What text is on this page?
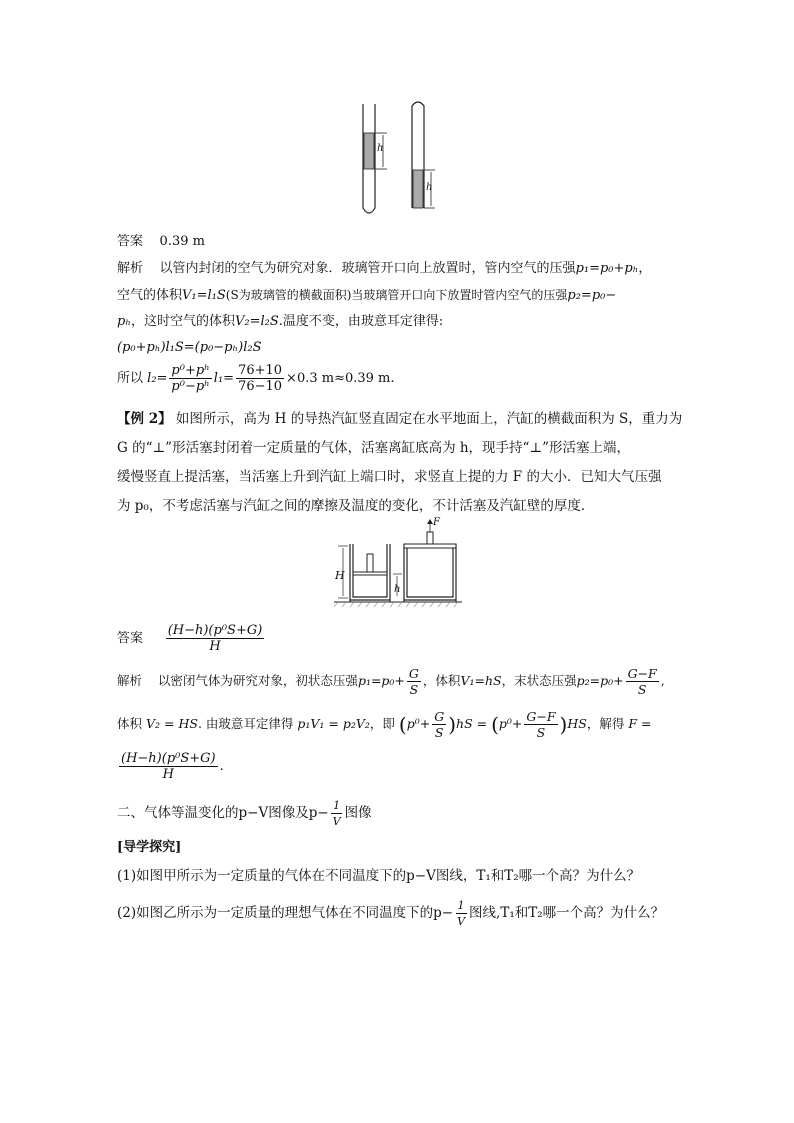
h
h
答案 0.39 m
解析 以管内封闭的空气为研究对象．玻璃管开口向上放置时，管内空气的压强p₁=p₀+pₕ，
空气的体积V₁=l₁S(S为玻璃管的横截面积)当玻璃管开口向下放置时管内空气的压强p₂=p₀−
pₕ，这时空气的体积V₂=l₂S.温度不变，由玻意耳定律得:
(p₀+pₕ)l₁S=(p₀−pₕ)l₂S
所以 $l_2= \frac{\text{p⁰+pʰ}}{\text{p⁰−pʰ}} l_1= \frac{76+10}{76-10} \times 0.3$ m≈0.39 m.
【例 2】 如图所示，高为 H 的导热汽缸竖直固定在水平地面上，汽缸的横截面积为 S，重力为
G 的“⊥”形活塞封闭着一定质量的气体，活塞离缸底高为 h，现手持“⊥”形活塞上端，
缓慢竖直上提活塞，当活塞上升到汽缸上端口时，求竖直上提的力 F 的大小．已知大气压强
为 p₀，不考虑活塞与汽缸之间的摩擦及温度的变化，不计活塞及汽缸壁的厚度．
H
h
F
答案 $\frac{\text{(H−h)(p⁰S+G)}}{H}$
解析 以密闭气体为研究对象，初状态压强$p_1=p_0+ \frac{G}{S}$ ，体积V₁=hS，末状态压强$p_2=p_0+ \frac{G-F}{S}$ ,
体积 V₂ = HS. 由玻意耳定律得 p₁V₁ = p₂V₂，即 $(p^0+ \frac{G}{S} )hS = (p^0+ \frac{G-F}{S} )HS$，解得 F =
$\frac{\text{(H−h)(p⁰S+G)}}{H}$ .
二、气体等温变化的p−V图像及$p- \frac{1}{V}$ 图像
[导学探究]
(1)如图甲所示为一定质量的气体在不同温度下的p−V图线，T₁和T₂哪一个高？为什么？
(2)如图乙所示为一定质量的理想气体在不同温度下的$p- \frac{1}{V}$ 图线,T₁和T₂哪一个高？为什么？
